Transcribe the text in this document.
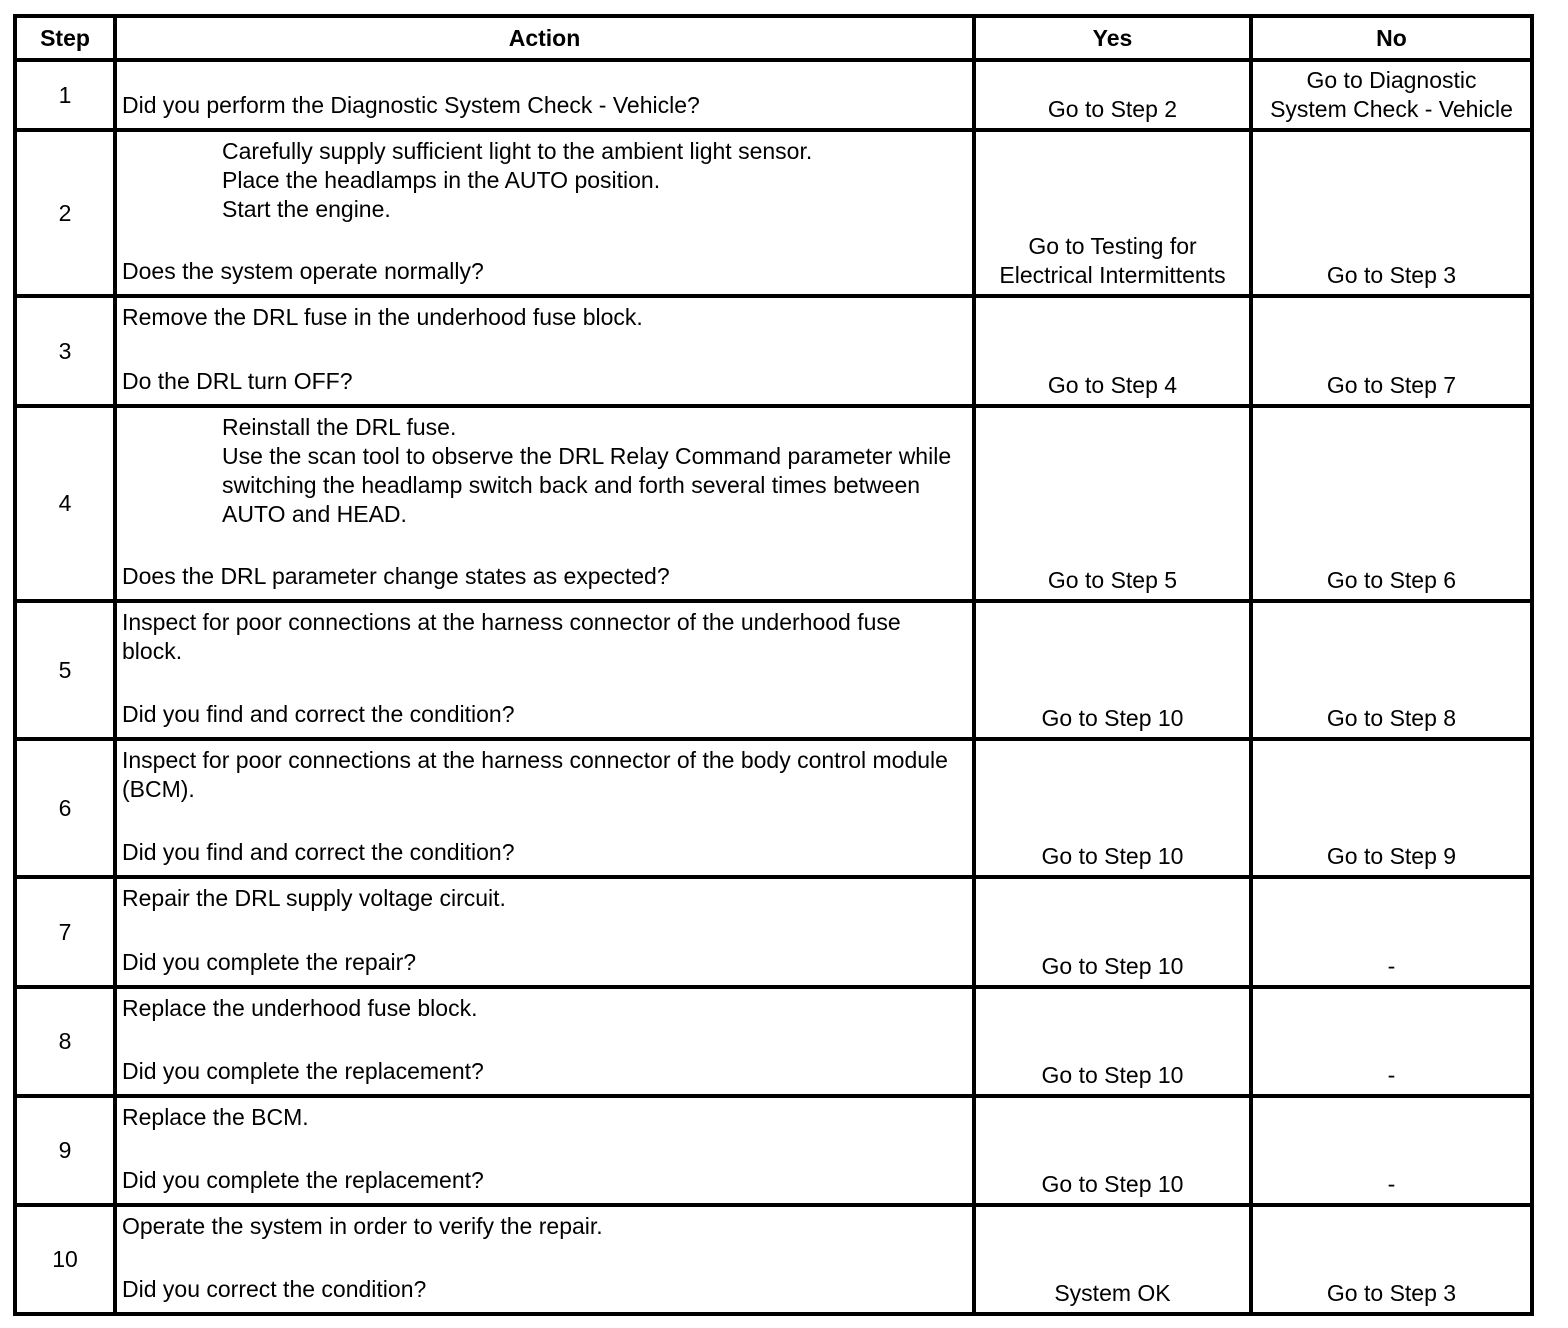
Step	Action	Yes	No
1	Did you perform the Diagnostic System Check - Vehicle?	Go to Step 2	Go to Diagnostic
System Check - Vehicle

2	Carefully supply sufficient light to the ambient light sensor.
Place the headlamps in the AUTO position.
Start the engine.
Does the system operate normally?	Go to Testing for
Electrical Intermittents	Go to Step 3

3	Remove the DRL fuse in the underhood fuse block.
Do the DRL turn OFF?	Go to Step 4	Go to Step 7

4	Reinstall the DRL fuse.
Use the scan tool to observe the DRL Relay Command parameter while switching the headlamp switch back and forth several times between AUTO and HEAD.
Does the DRL parameter change states as expected?	Go to Step 5	Go to Step 6

5	Inspect for poor connections at the harness connector of the underhood fuse block.
Did you find and correct the condition?	Go to Step 10	Go to Step 8

6	Inspect for poor connections at the harness connector of the body control module (BCM).
Did you find and correct the condition?	Go to Step 10	Go to Step 9

7	Repair the DRL supply voltage circuit.
Did you complete the repair?	Go to Step 10	-

8	Replace the underhood fuse block.
Did you complete the replacement?	Go to Step 10	-

9	Replace the BCM.
Did you complete the replacement?	Go to Step 10	-

10	Operate the system in order to verify the repair.
Did you correct the condition?	System OK	Go to Step 3
